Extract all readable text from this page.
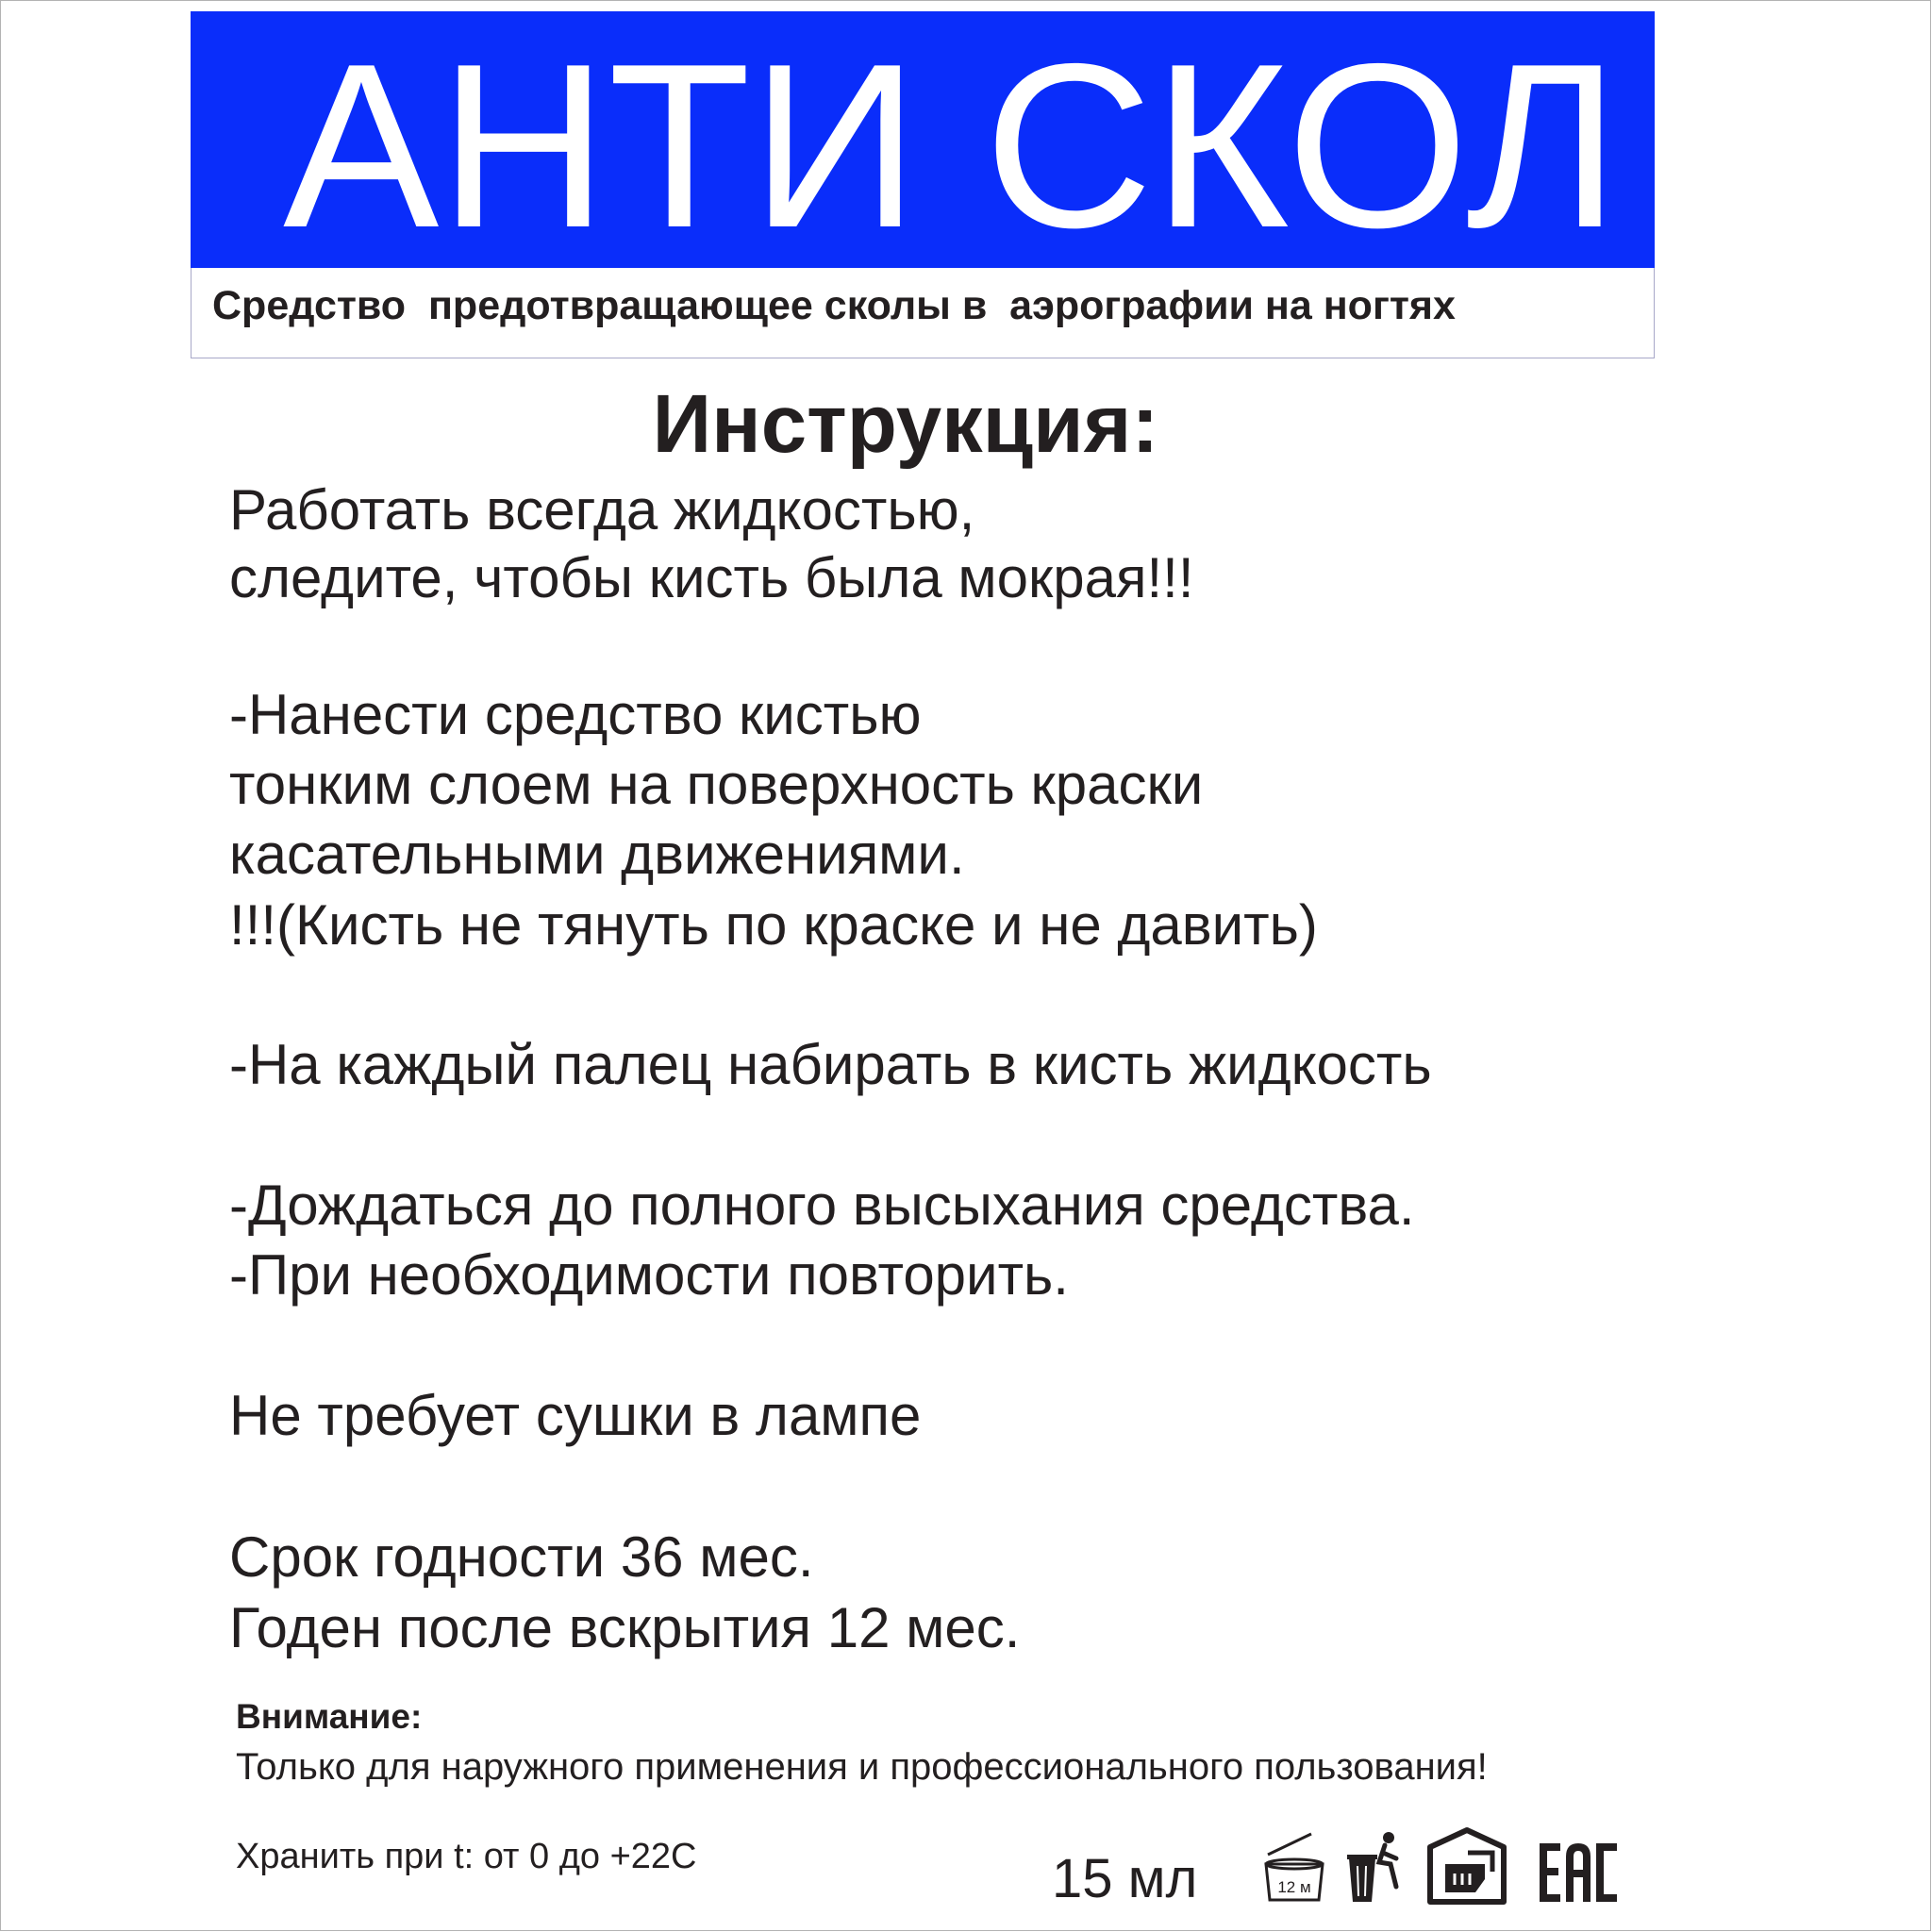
АНТИ СКОЛ
Средство  предотвращающее сколы в  аэрографии на ногтях
Инструкция:
Работать всегда жидкостью,
следите, чтобы кисть была мокрая!!!
-Нанести средство кистью
тонким слоем на поверхность краски
касательными движениями.
!!!(Кисть не тянуть по краске и не давить)
-На каждый палец набирать в кисть жидкость
-Дождаться до полного высыхания средства.
-При необходимости повторить.
Не требует сушки в лампе
Срок годности 36 мес.
Годен после вскрытия 12 мес.
Внимание:
Только для наружного применения и профессионального пользования!
Хранить при t: от 0 до +22C	15 мл	12 м
